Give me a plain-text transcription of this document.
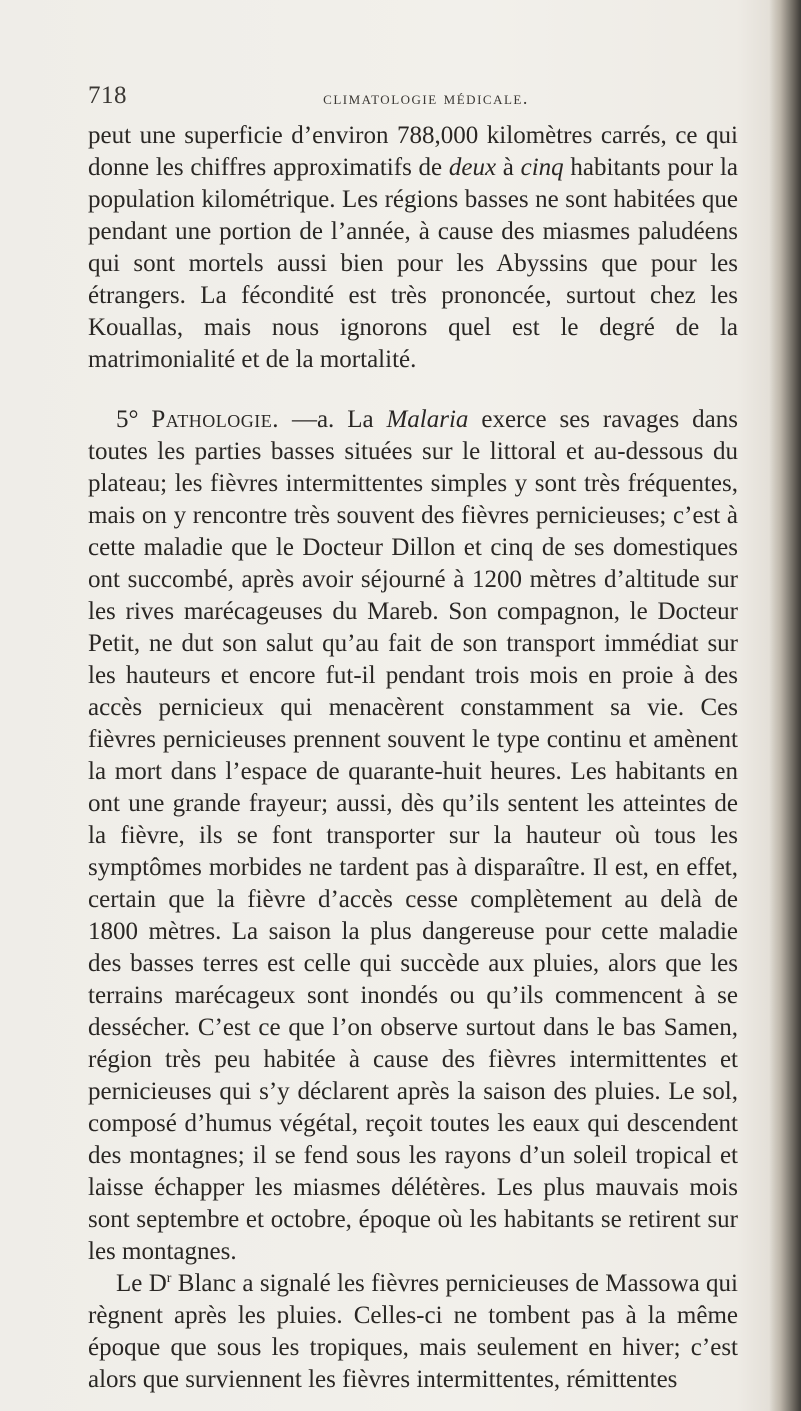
718	climatologie médicale.

peut une superficie d’environ 788,000 kilomètres carrés, ce qui donne les chiffres approximatifs de deux à cinq habitants pour la population kilométrique. Les régions basses ne sont habitées que pendant une portion de l’année, à cause des miasmes paludéens qui sont mortels aussi bien pour les Abyssins que pour les étrangers. La fécondité est très prononcée, surtout chez les Kouallas, mais nous ignorons quel est le degré de la matrimonialité et de la mortalité.

5° Pathologie. —a. La Malaria exerce ses ravages dans toutes les parties basses situées sur le littoral et au-dessous du plateau; les fièvres intermittentes simples y sont très fréquentes, mais on y rencontre très souvent des fièvres pernicieuses; c’est à cette maladie que le Docteur Dillon et cinq de ses domestiques ont succombé, après avoir séjourné à 1200 mètres d’altitude sur les rives marécageuses du Mareb. Son compagnon, le Docteur Petit, ne dut son salut qu’au fait de son transport immédiat sur les hauteurs et encore fut-il pendant trois mois en proie à des accès pernicieux qui menacèrent constamment sa vie. Ces fièvres pernicieuses prennent souvent le type continu et amènent la mort dans l’espace de quarante-huit heures. Les habitants en ont une grande frayeur; aussi, dès qu’ils sentent les atteintes de la fièvre, ils se font transporter sur la hauteur où tous les symptômes morbides ne tardent pas à disparaître. Il est, en effet, certain que la fièvre d’accès cesse complètement au delà de 1800 mètres. La saison la plus dangereuse pour cette maladie des basses terres est celle qui succède aux pluies, alors que les terrains marécageux sont inondés ou qu’ils commencent à se dessécher. C’est ce que l’on observe surtout dans le bas Samen, région très peu habitée à cause des fièvres intermittentes et pernicieuses qui s’y déclarent après la saison des pluies. Le sol, composé d’humus végétal, reçoit toutes les eaux qui descendent des montagnes; il se fend sous les rayons d’un soleil tropical et laisse échapper les miasmes délétères. Les plus mauvais mois sont septembre et octobre, époque où les habitants se retirent sur les montagnes.

Le $D^r$ Blanc a signalé les fièvres pernicieuses de Massowa qui règnent après les pluies. Celles-ci ne tombent pas à la même époque que sous les tropiques, mais seulement en hiver; c’est alors que surviennent les fièvres intermittentes, rémittentes
